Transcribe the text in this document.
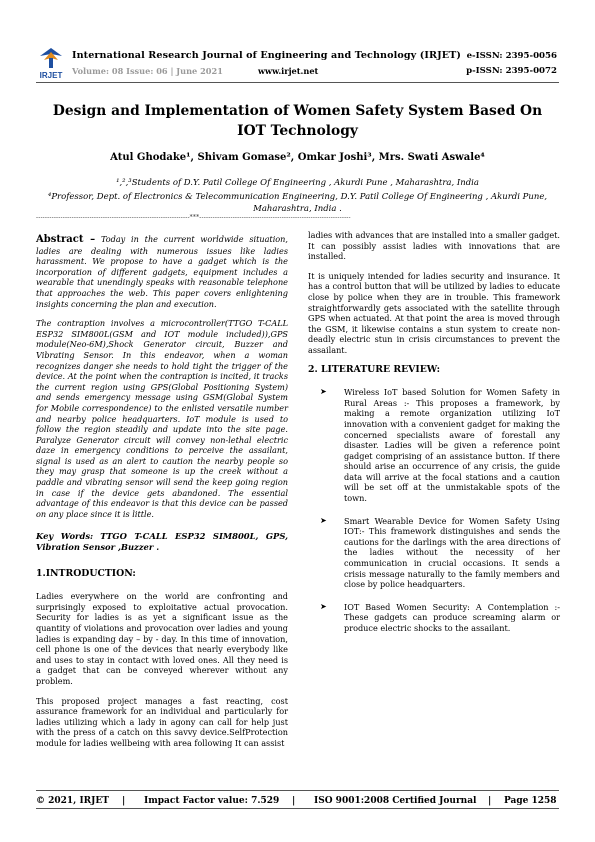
IRJET
International Research Journal of Engineering and Technology (IRJET) e-ISSN: 2395-0056
Volume: 08 Issue: 06 | June 2021	www.irjet.net	p-ISSN: 2395-0072
Design and Implementation of Women Safety System Based On IOT Technology
Atul Ghodake¹, Shivam Gomase², Omkar Joshi³, Mrs. Swati Aswale⁴
¹,²,³Students of D.Y. Patil College Of Engineering , Akurdi Pune , Maharashtra, India
⁴Professor, Dept. of Electronics & Telecommunication Engineering, D.Y. Patil College Of Engineering , Akurdi Pune, Maharashtra, India .
---------------------------------------------------------------------***--------------------------------------------------------------------

Abstract – Today in the current worldwide situation, ladies are dealing with numerous issues like ladies harassment. We propose to have a gadget which is the incorporation of different gadgets, equipment includes a wearable that unendingly speaks with reasonable telephone that approaches the web. This paper covers enlightening insights concerning the plan and execution.

The contraption involves a microcontroller(TTGO T-CALL ESP32 SIM800L(GSM and IOT module included)),GPS module(Neo-6M),Shock Generator circuit, Buzzer and Vibrating Sensor. In this endeavor, when a woman recognizes danger she needs to hold tight the trigger of the device. At the point when the contraption is incited, it tracks the current region using GPS(Global Positioning System) and sends emergency message using GSM(Global System for Mobile correspondence) to the enlisted versatile number and nearby police headquarters. IoT module is used to follow the region steadily and update into the site page. Paralyze Generator circuit will convey non-lethal electric daze in emergency conditions to perceive the assailant, signal is used as an alert to caution the nearby people so they may grasp that someone is up the creek without a paddle and vibrating sensor will send the keep going region in case if the device gets abandoned. The essential advantage of this endeavor is that this device can be passed on any place since it is little.

Key Words: TTGO T-CALL ESP32 SIM800L, GPS, Vibration Sensor ,Buzzer .

1.INTRODUCTION:

Ladies everywhere on the world are confronting and surprisingly exposed to exploitative actual provocation. Security for ladies is as yet a significant issue as the quantity of violations and provocation over ladies and young ladies is expanding day – by - day. In this time of innovation, cell phone is one of the devices that nearly everybody like and uses to stay in contact with loved ones. All they need is a gadget that can be conveyed wherever without any problem.

This proposed project manages a fast reacting, cost assurance framework for an individual and particularly for ladies utilizing which a lady in agony can call for help just with the press of a catch on this savvy device.SelfProtection module for ladies wellbeing with area following It can assist

ladies with advances that are installed into a smaller gadget. It can possibly assist ladies with innovations that are installed.

It is uniquely intended for ladies security and insurance. It has a control button that will be utilized by ladies to educate close by police when they are in trouble. This framework straightforwardly gets associated with the satellite through GPS when actuated. At that point the area is moved through the GSM, it likewise contains a stun system to create non-deadly electric stun in crisis circumstances to prevent the assailant.

2. LITERATURE REVIEW:
➤ Wireless IoT based Solution for Women Safety in Rural Areas :- This proposes a framework, by making a remote organization utilizing IoT innovation with a convenient gadget for making the concerned specialists aware of forestall any disaster. Ladies will be given a reference point gadget comprising of an assistance button. If there should arise an occurrence of any crisis, the guide data will arrive at the focal stations and a caution will be set off at the unmistakable spots of the town.
➤ Smart Wearable Device for Women Safety Using IOT:- This framework distinguishes and sends the cautions for the darlings with the area directions of the ladies without the necessity of her communication in crucial occasions. It sends a crisis message naturally to the family members and close by police headquarters.
➤ IOT Based Women Security: A Contemplation :- These gadgets can produce screaming alarm or produce electric shocks to the assailant.
© 2021, IRJET | Impact Factor value: 7.529 | ISO 9001:2008 Certified Journal | Page 1258
